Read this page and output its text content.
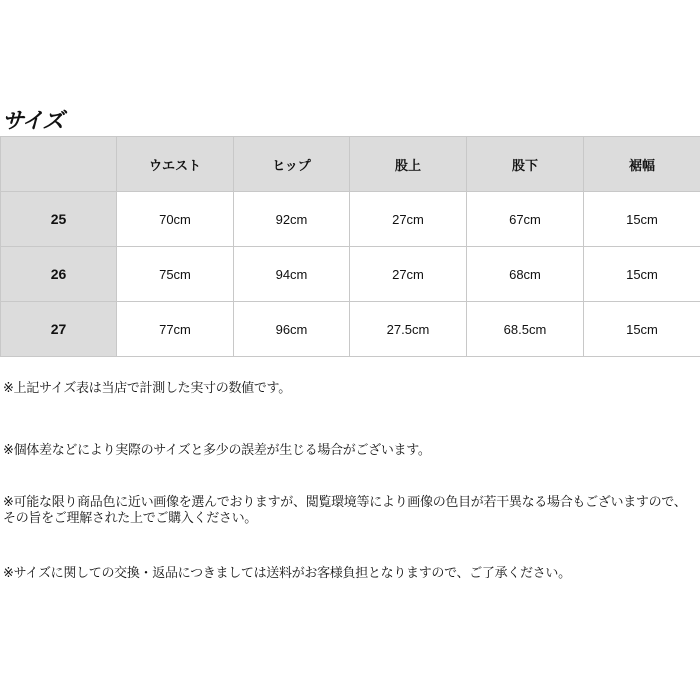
サイズ
	ウエスト	ヒップ	股上	股下	裾幅
25	70cm	92cm	27cm	67cm	15cm
26	75cm	94cm	27cm	68cm	15cm
27	77cm	96cm	27.5cm	68.5cm	15cm

※上記サイズ表は当店で計測した実寸の数値です。

※個体差などにより実際のサイズと多少の誤差が生じる場合がございます。

※可能な限り商品色に近い画像を選んでおりますが、閲覧環境等により画像の色目が若干異なる場合もございますので、その旨をご理解された上でご購入ください。

※サイズに関しての交換・返品につきましては送料がお客様負担となりますので、ご了承ください。
